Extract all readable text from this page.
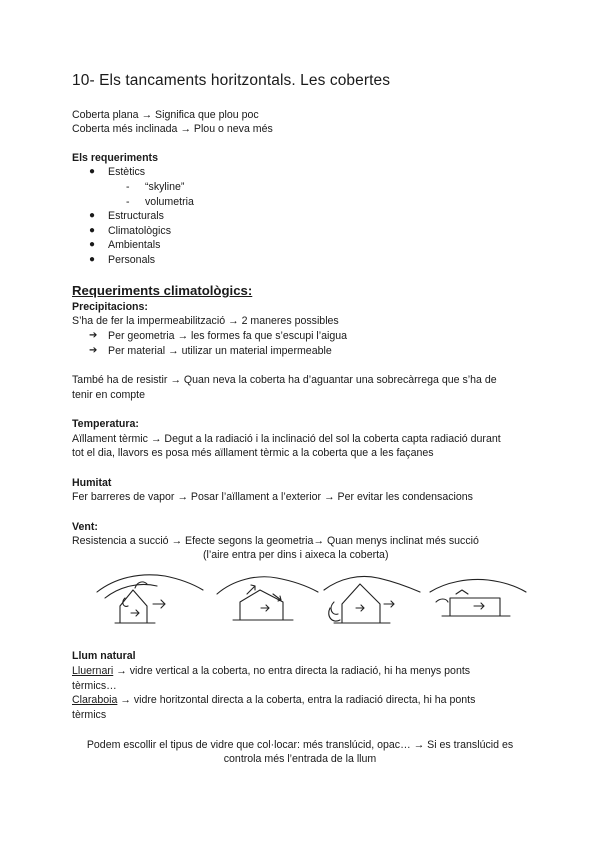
10- Els tancaments horitzontals. Les cobertes
Coberta plana → Significa que plou poc
Coberta més inclinada → Plou o neva més
Els requeriments
● Estètics
- “skyline”
- volumetria
● Estructurals
● Climatològics
● Ambientals
● Personals
Requeriments climatològics:
Precipitacions:
S’ha de fer la impermeabilització → 2 maneres possibles
➔ Per geometria → les formes fa que s’escupi l’aigua
➔ Per material → utilizar un material impermeable
També ha de resistir → Quan neva la coberta ha d’aguantar una sobrecàrrega que s’ha de
tenir en compte
Temperatura:
Aïllament tèrmic → Degut a la radiació i la inclinació del sol la coberta capta radiació durant
tot el dia, llavors es posa més aïllament tèrmic a la coberta que a les façanes
Humitat
Fer barreres de vapor → Posar l’aïllament a l’exterior → Per evitar les condensacions
Vent:
Resistencia a succió → Efecte segons la geometria→ Quan menys inclinat més succió
(l’aire entra per dins i aixeca la coberta)
Llum natural
Lluernari → vidre vertical a la coberta, no entra directa la radiació, hi ha menys ponts
tèrmics…
Claraboia → vidre horitzontal directa a la coberta, entra la radiació directa, hi ha ponts
tèrmics
Podem escollir el tipus de vidre que col·locar: més translúcid, opac… → Si es translúcid es
controla més l’entrada de la llum
